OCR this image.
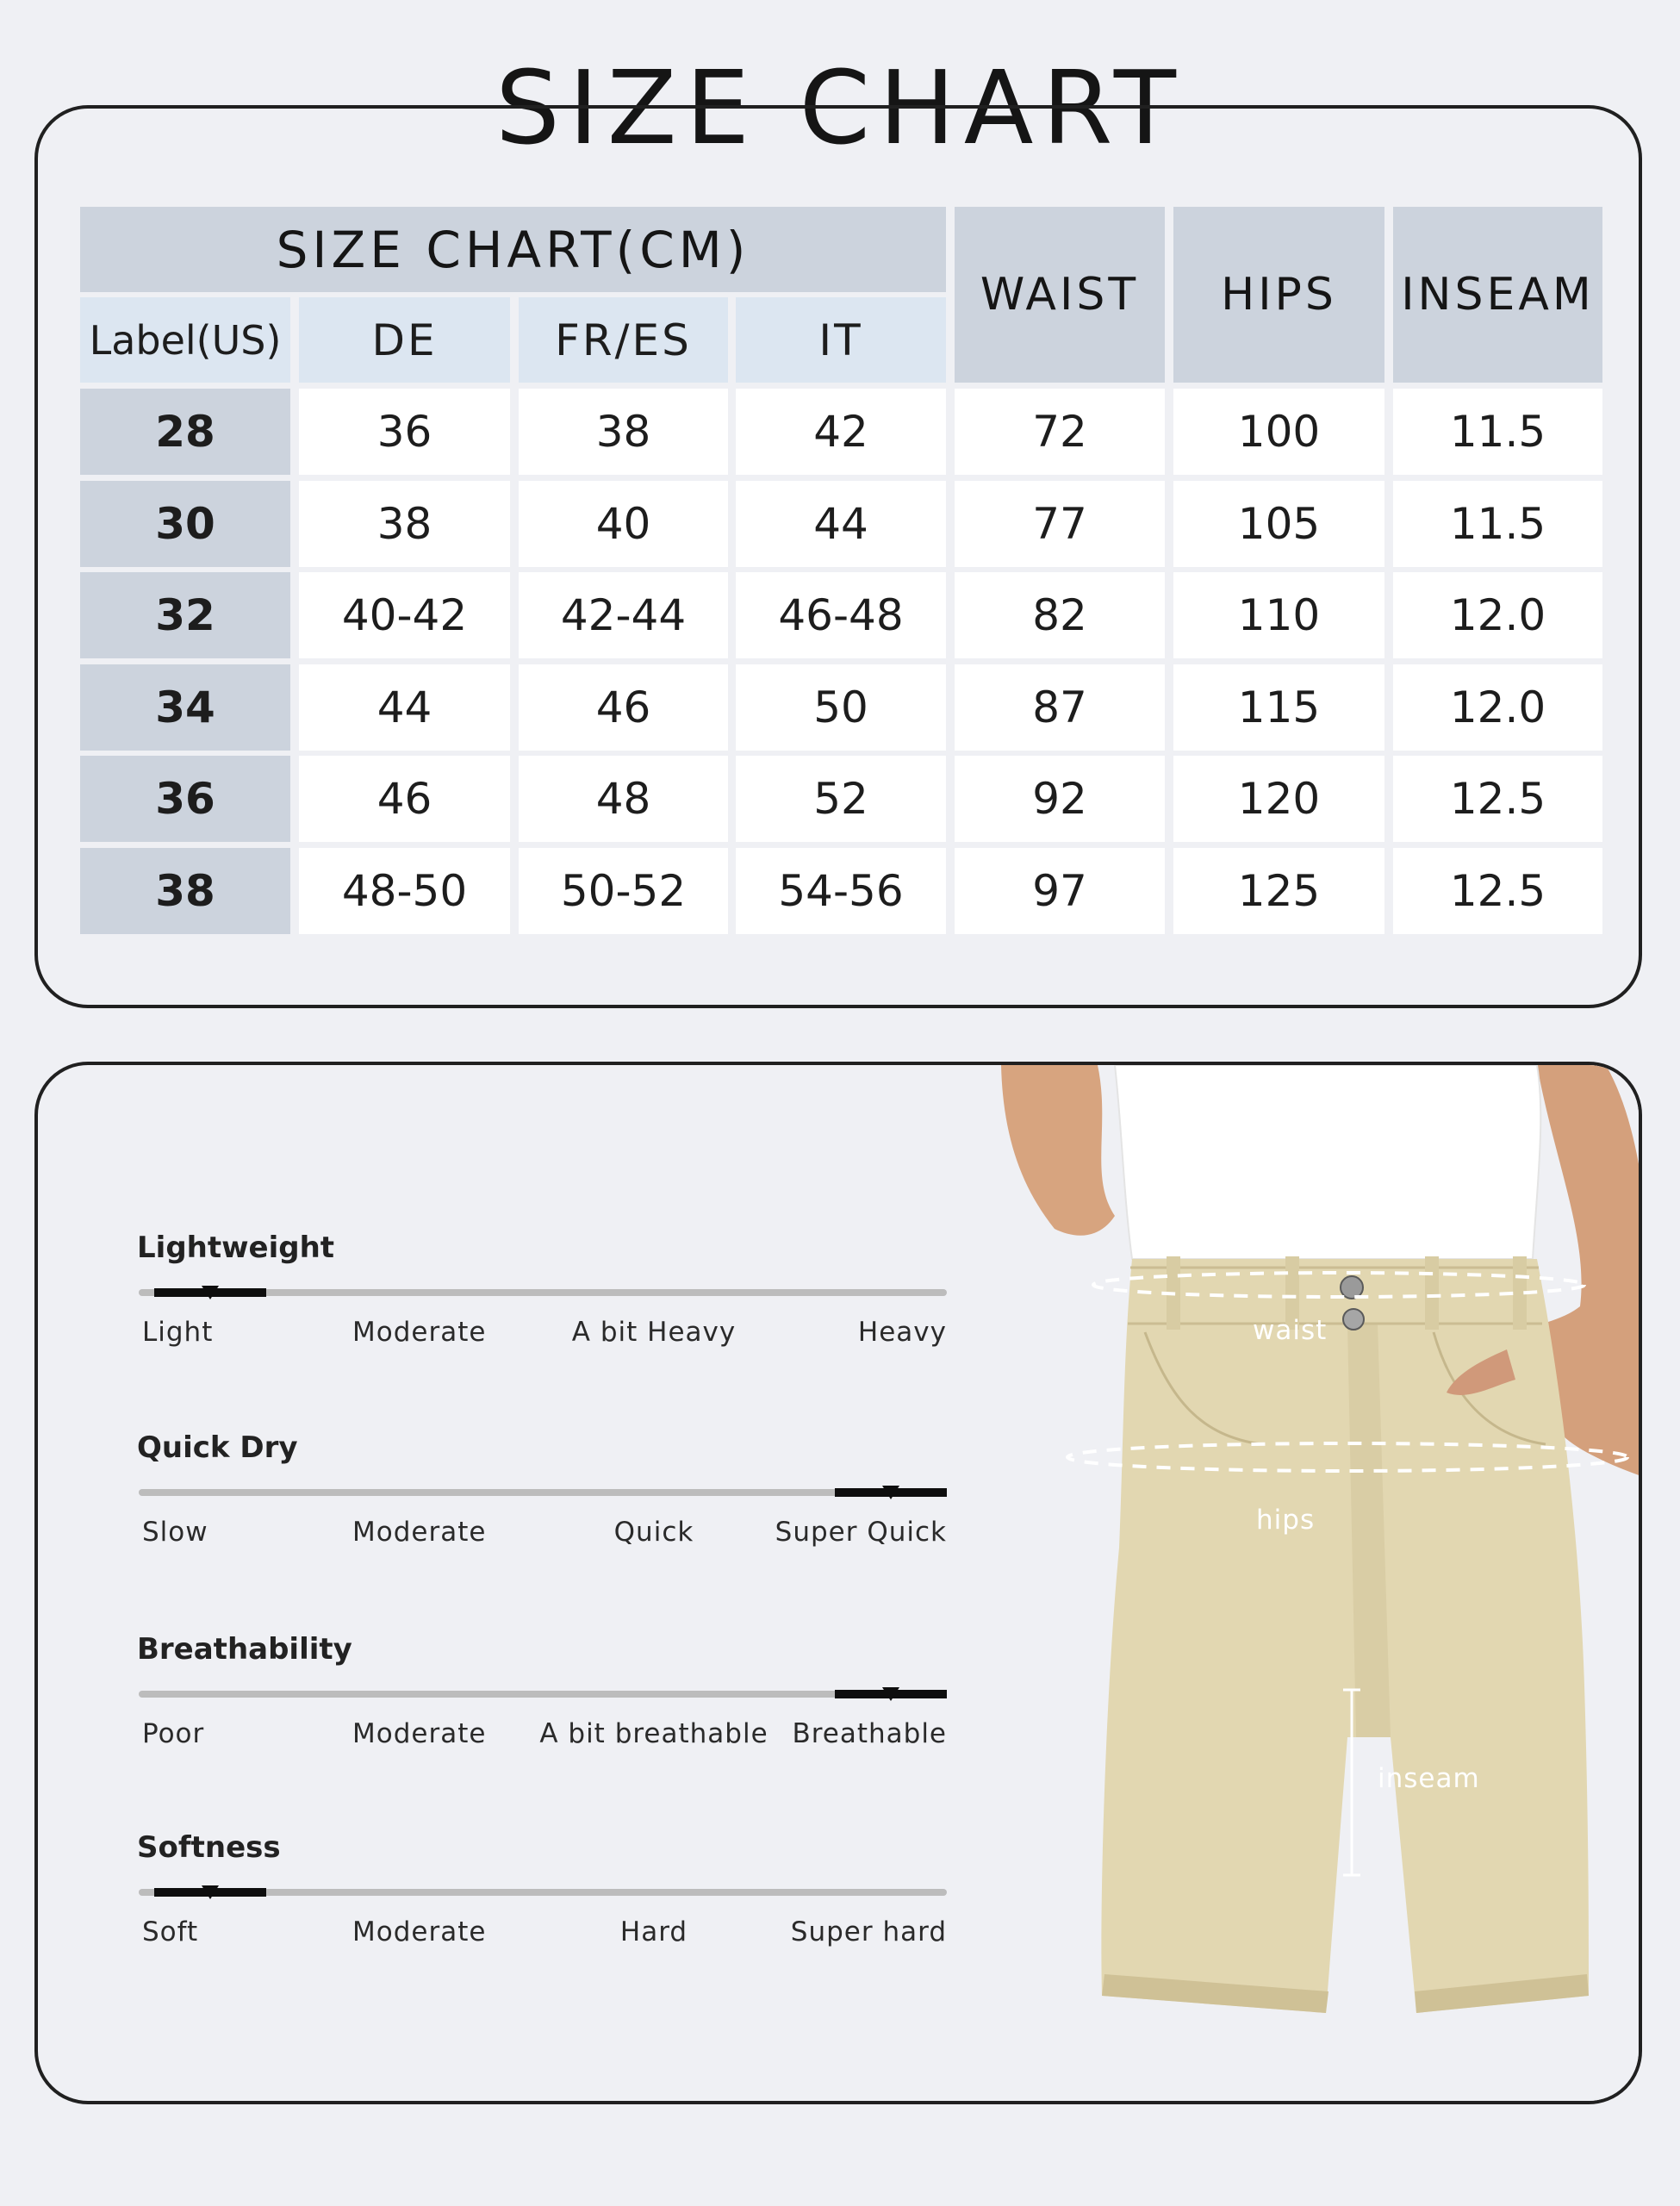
SIZE CHART
SIZE CHART(CM)
Label(US)	DE	FR/ES	IT
WAIST	HIPS	INSEAM
28	36	38	42	72	100	11.5
30	38	40	44	77	105	11.5
32	40-42	42-44	46-48	82	110	12.0
34	44	46	50	87	115	12.0
36	46	48	52	92	120	12.5
38	48-50	50-52	54-56	97	125	12.5
Lightweight
Light	Moderate	A bit Heavy	Heavy
Quick Dry
Slow	Moderate	Quick	Super Quick
Breathability
Poor	Moderate A bit breathable Breathable
Softness
Soft	Moderate	Hard	Super hard
waist
hips
inseam
